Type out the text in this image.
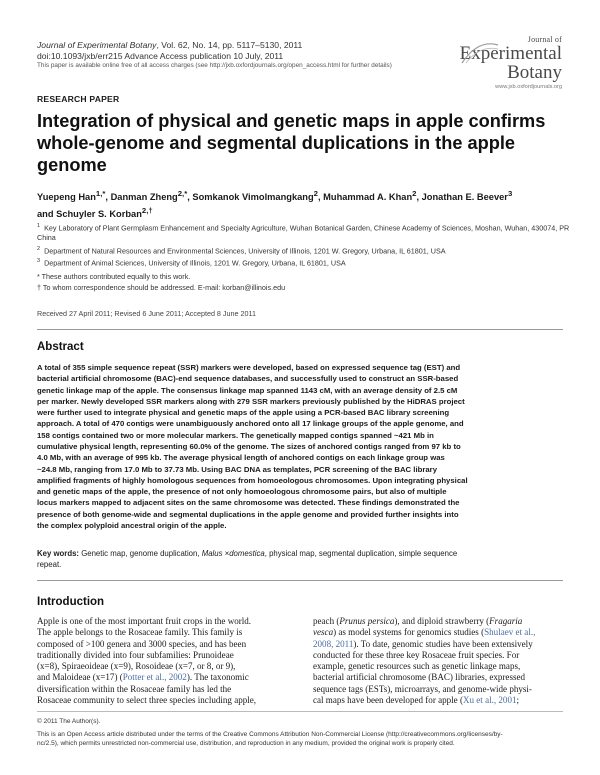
Journal of Experimental Botany, Vol. 62, No. 14, pp. 5117–5130, 2011
doi:10.1093/jxb/err215 Advance Access publication 10 July, 2011
This paper is available online free of all access charges (see http://jxb.oxfordjournals.org/open_access.html for further details)
Journal of
Experimental
Botany
www.jxb.oxfordjournals.org
RESEARCH PAPER
Integration of physical and genetic maps in apple confirms whole-genome and segmental duplications in the apple genome
Yuepeng Han$^{1,*}$, Danman Zheng$^{2,*}$, Somkanok Vimolmangkang$^2$, Muhammad A. Khan$^2$, Jonathan E. Beever$^3$
and Schuyler S. Korban$^{2,\dagger}$
$^1$ Key Laboratory of Plant Germplasm Enhancement and Specialty Agriculture, Wuhan Botanical Garden, Chinese Academy of Sciences, Moshan, Wuhan, 430074, PR China
$^2$ Department of Natural Resources and Environmental Sciences, University of Illinois, 1201 W. Gregory, Urbana, IL 61801, USA
$^3$ Department of Animal Sciences, University of Illinois, 1201 W. Gregory, Urbana, IL 61801, USA
* These authors contributed equally to this work.
† To whom correspondence should be addressed. E-mail: korban@illinois.edu
Received 27 April 2011; Revised 6 June 2011; Accepted 8 June 2011
Abstract
A total of 355 simple sequence repeat (SSR) markers were developed, based on expressed sequence tag (EST) and
bacterial artificial chromosome (BAC)-end sequence databases, and successfully used to construct an SSR-based
genetic linkage map of the apple. The consensus linkage map spanned 1143 cM, with an average density of 2.5 cM
per marker. Newly developed SSR markers along with 279 SSR markers previously published by the HiDRAS project
were further used to integrate physical and genetic maps of the apple using a PCR-based BAC library screening
approach. A total of 470 contigs were unambiguously anchored onto all 17 linkage groups of the apple genome, and
158 contigs contained two or more molecular markers. The genetically mapped contigs spanned ~421 Mb in
cumulative physical length, representing 60.0% of the genome. The sizes of anchored contigs ranged from 97 kb to
4.0 Mb, with an average of 995 kb. The average physical length of anchored contigs on each linkage group was
~24.8 Mb, ranging from 17.0 Mb to 37.73 Mb. Using BAC DNA as templates, PCR screening of the BAC library
amplified fragments of highly homologous sequences from homoeologous chromosomes. Upon integrating physical
and genetic maps of the apple, the presence of not only homoeologous chromosome pairs, but also of multiple
locus markers mapped to adjacent sites on the same chromosome was detected. These findings demonstrated the
presence of both genome-wide and segmental duplications in the apple genome and provided further insights into
the complex polyploid ancestral origin of the apple.
Key words: Genetic map, genome duplication, Malus ×domestica, physical map, segmental duplication, simple sequence
repeat.
Introduction
Apple is one of the most important fruit crops in the world.
The apple belongs to the Rosaceae family. This family is
composed of >100 genera and 3000 species, and has been
traditionally divided into four subfamilies: Prunoideae
(x=8), Spiraeoideae (x=9), Rosoideae (x=7, or 8, or 9),
and Maloideae (x=17) (Potter et al., 2002). The taxonomic
diversification within the Rosaceae family has led the
Rosaceae community to select three species including apple,
peach (Prunus persica), and diploid strawberry (Fragaria
vesca) as model systems for genomics studies (Shulaev et al.,
2008, 2011). To date, genomic studies have been extensively
conducted for these three key Rosaceae fruit species. For
example, genetic resources such as genetic linkage maps,
bacterial artificial chromosome (BAC) libraries, expressed
sequence tags (ESTs), microarrays, and genome-wide physi-
cal maps have been developed for apple (Xu et al., 2001;
© 2011 The Author(s).
This is an Open Access article distributed under the terms of the Creative Commons Attribution Non-Commercial License (http://creativecommons.org/licenses/by-
nc/2.5), which permits unrestricted non-commercial use, distribution, and reproduction in any medium, provided the original work is properly cited.
